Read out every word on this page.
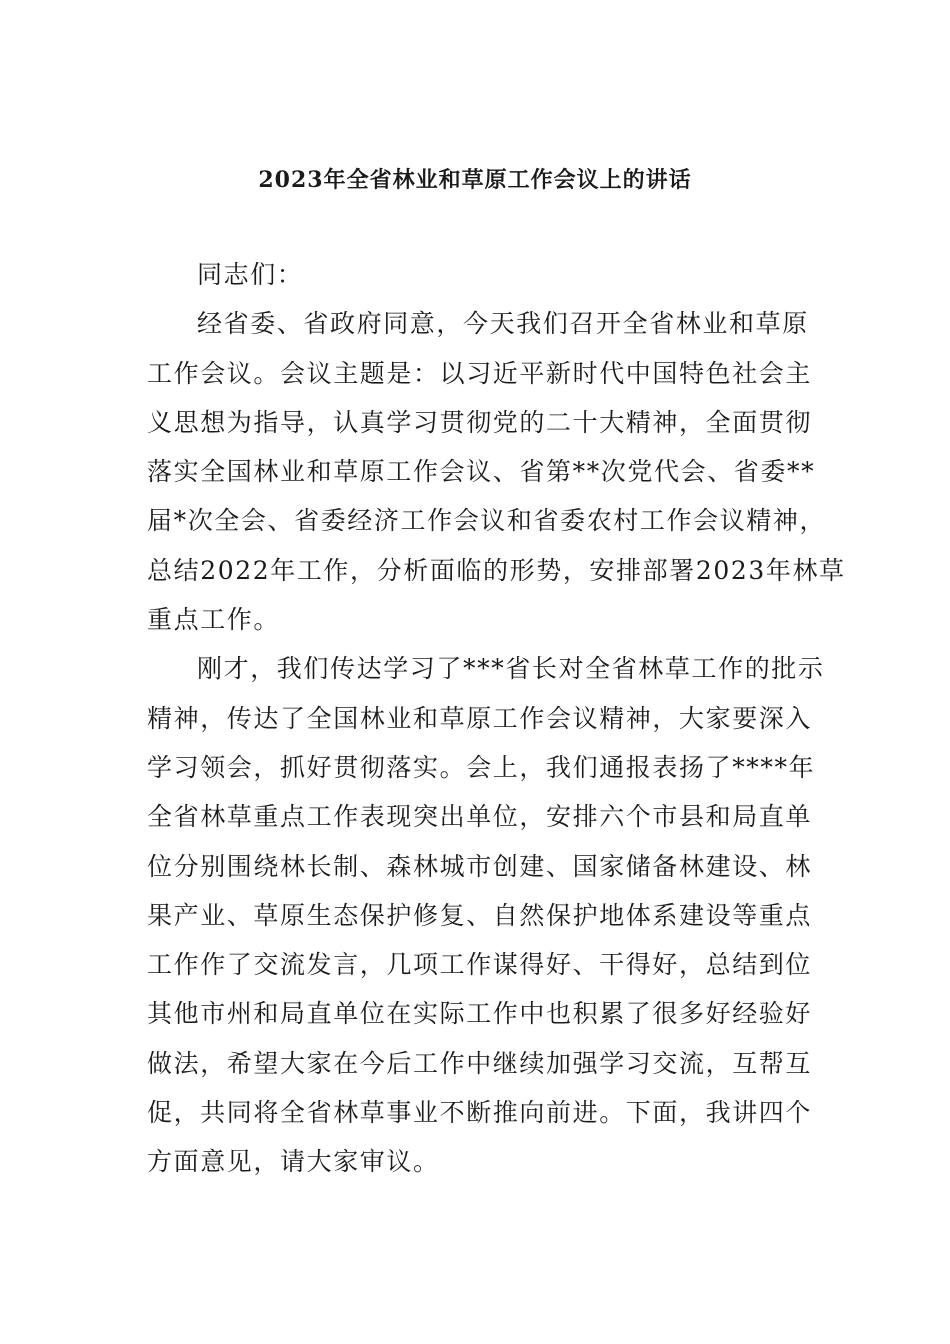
2023年全省林业和草原工作会议上的讲话
同志们：
经省委、省政府同意，今天我们召开全省林业和草原
工作会议。会议主题是：以习近平新时代中国特色社会主
义思想为指导，认真学习贯彻党的二十大精神，全面贯彻
落实全国林业和草原工作会议、省第**次党代会、省委**
届*次全会、省委经济工作会议和省委农村工作会议精神，
总结2022年工作，分析面临的形势，安排部署2023年林草
重点工作。
刚才，我们传达学习了***省长对全省林草工作的批示
精神，传达了全国林业和草原工作会议精神，大家要深入
学习领会，抓好贯彻落实。会上，我们通报表扬了****年
全省林草重点工作表现突出单位，安排六个市县和局直单
位分别围绕林长制、森林城市创建、国家储备林建设、林
果产业、草原生态保护修复、自然保护地体系建设等重点
工作作了交流发言，几项工作谋得好、干得好，总结到位
其他市州和局直单位在实际工作中也积累了很多好经验好
做法，希望大家在今后工作中继续加强学习交流，互帮互
促，共同将全省林草事业不断推向前进。下面，我讲四个
方面意见，请大家审议。
